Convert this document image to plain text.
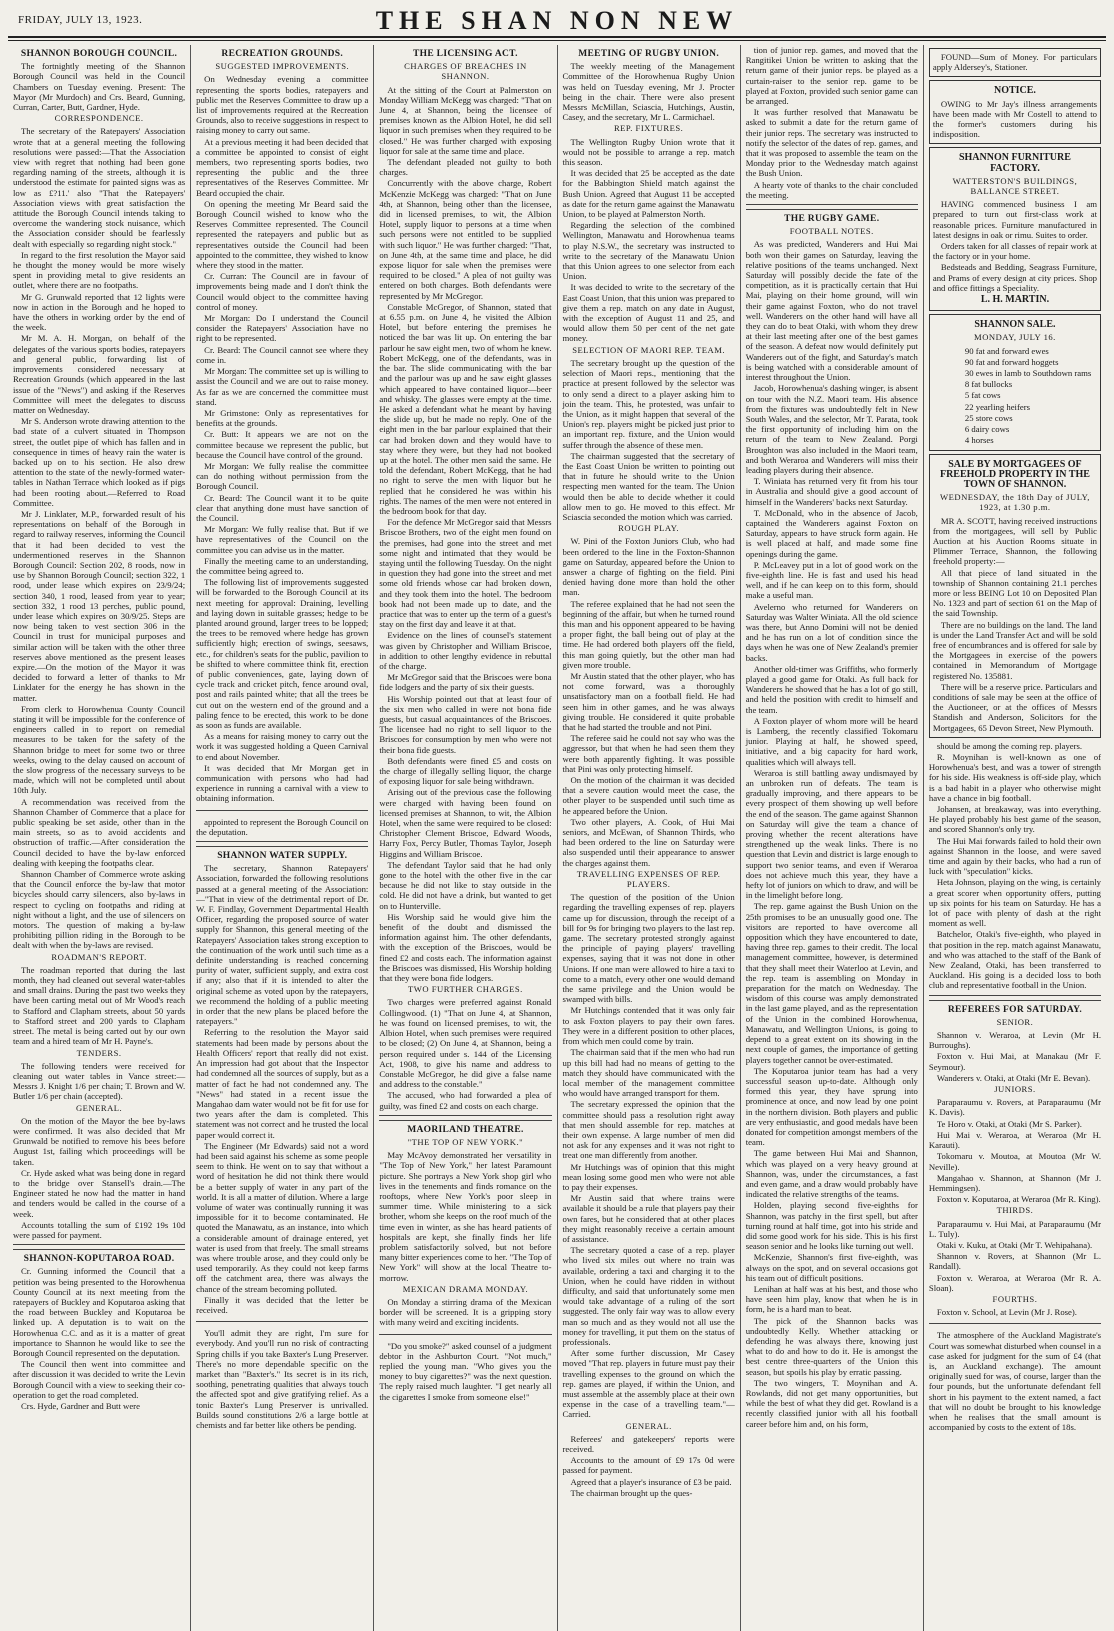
FRIDAY, JULY 13, 1923.	THE SHAN NON NEW
SHANNON BOROUGH COUNCIL.

The fortnightly meeting of the Shannon Borough Council was held in the Council Chambers on Tuesday evening. Present: The Mayor (Mr Murdoch) and Crs. Beard, Gunning, Curran, Carter, Butt, Gardner, Hyde.

CORRESPONDENCE.

The secretary of the Ratepayers' Association wrote that at a general meeting the following resolutions were passed:—That the Association view with regret that nothing had been gone regarding naming of the streets, although it is understood the estimate for painted signs was as low as £?11.' also "That the Ratepayers' Association views with great satisfaction the attitude the Borough Council intends taking to overcome the wandering stock nuisance, which the Association consider should be fearlessly dealt with especially so regarding night stock."

In regard to the first resolution the Mayor said he thought the money would be more wisely spent in providing metal to give residents an outlet, where there are no footpaths.

Mr G. Grunwald reported that 12 lights were now in action in the Borough and he hoped to have the others in working order by the end of the week.

Mr M. A. H. Morgan, on behalf of the delegates of the various sports bodies, ratepayers and general public, forwarding list of improvements considered necessary at Recreation Grounds (which appeared in the last issue of the "News") and asking if the Reserves Committee will meet the delegates to discuss matter on Wednesday.

Mr S. Anderson wrote drawing attention to the bad state of a culvert situated in Thompson street, the outlet pipe of which has fallen and in consequence in times of heavy rain the water is backed up on to his section. He also drew attention to the state of the newly-formed water-tables in Nathan Terrace which looked as if pigs had been rooting about.—Referred to Road Committee.

Mr J. Linklater, M.P., forwarded result of his representations on behalf of the Borough in regard to railway reserves, informing the Council that it had been decided to vest the undermentioned reserves in the Shannon Borough Council: Section 202, 8 roods, now in use by Shannon Borough Council; section 322, 1 rood, under lease which expires on 23/9/24; section 340, 1 rood, leased from year to year; section 332, 1 rood 13 perches, public pound, under lease which expires on 30/9/25. Steps are now being taken to vest section 306 in the Council in trust for municipal purposes and similar action will be taken with the other three reserves above mentioned as the present leases expire.—On the motion of the Mayor it was decided to forward a letter of thanks to Mr Linklater for the energy he has shown in the matter.

From clerk to Horowhenua County Council stating it will be impossible for the conference of engineers called in to report on remedial measures to be taken for the safety of the Shannon bridge to meet for some two or three weeks, owing to the delay caused on account of the slow progress of the necessary surveys to be made, which will not be completed until about 10th July.

A recommendation was received from the Shannon Chamber of Commerce that a place for public speaking be set aside, other than in the main streets, so as to avoid accidents and obstruction of traffic.—After consideration the Council decided to have the by-law enforced dealing with keeping the footpaths clear.

Shannon Chamber of Commerce wrote asking that the Council enforce the by-law that motor bicycles should carry silencers, also by-laws in respect to cycling on footpaths and riding at night without a light, and the use of silencers on motors. The question of making a by-law prohibiting pillion riding in the Borough to be dealt with when the by-laws are revised.

ROADMAN'S REPORT.

The roadman reported that during the last month, they had cleaned out several water-tables and small drains. During the past two weeks they have been carting metal out of Mr Wood's reach to Stafford and Clapham streets, about 50 yards to Stafford street and 200 yards to Clapham street. The metal is being carted out by our own team and a hired team of Mr H. Payne's.

TENDERS.

The following tenders were received for cleaning out water tables in Vance street:—Messrs J. Knight 1/6 per chain; T. Brown and W. Butler 1/6 per chain (accepted).

GENERAL.

On the motion of the Mayor the bee by-laws were confirmed. It was also decided that Mr Grunwald be notified to remove his bees before August 1st, failing which proceedings will be taken.

Cr. Hyde asked what was being done in regard to the bridge over Stansell's drain.—The Engineer stated he now had the matter in hand and tenders would be called in the course of a week.

Accounts totalling the sum of £192 19s 10d were passed for payment.

SHANNON-KOPUTAROA ROAD.

Cr. Gunning informed the Council that a petition was being presented to the Horowhenua County Council at its next meeting from the ratepayers of Buckley and Koputaroa asking that the road between Buckley and Koputaroa be linked up. A deputation is to wait on the Horowhenua C.C. and as it is a matter of great importance to Shannon he would like to see the Borough Council represented on the deputation.

The Council then went into committee and after discussion it was decided to write the Levin Borough Council with a view to seeking their co-operation to get the road completed.

Crs. Hyde, Gardner and Butt were

RECREATION GROUNDS.
SUGGESTED IMPROVEMENTS.

On Wednesday evening a committee representing the sports bodies, ratepayers and public met the Reserves Committee to draw up a list of improvements required at the Recreation Grounds, also to receive suggestions in respect to raising money to carry out same.

At a previous meeting it had been decided that a committee be appointed to consist of eight members, two representing sports bodies, two representing the public and the three representatives of the Reserves Committee. Mr Beard occupied the chair.

On opening the meeting Mr Beard said the Borough Council wished to know who the Reserves Committee represented. The Council represented the ratepayers and public but as representatives outside the Council had been appointed to the committee, they wished to know where they stood in the matter.

Cr. Curran: The Council are in favour of improvements being made and I don't think the Council would object to the committee having control of money.

Mr Morgan: Do I understand the Council consider the Ratepayers' Association have no right to be represented.

Cr. Beard: The Council cannot see where they come in.

Mr Morgan: The committee set up is willing to assist the Council and we are out to raise money. As far as we are concerned the committee must stand.

Mr Grimstone: Only as representatives for benefits at the grounds.

Cr. Butt: It appears we are not on the committee because we represent the public, but because the Council have control of the ground.

Mr Morgan: We fully realise the committee can do nothing without permission from the Borough Council.

Cr. Beard: The Council want it to be quite clear that anything done must have sanction of the Council.

Mr Morgan: We fully realise that. But if we have representatives of the Council on the committee you can advise us in the matter.

Finally the meeting came to an understanding, the committee being agreed to.

The following list of improvements suggested will be forwarded to the Borough Council at its next meeting for approval: Draining, levelling and laying down in suitable grasses; hedge to be planted around ground, larger trees to be lopped; the trees to be removed where hedge has grown sufficiently high; erection of swings, seesaws, etc., for children's seats for the public, pavilion to be shifted to where committee think fit, erection of public conveniences, gate, laying down of cycle track and cricket pitch, fence around oval, post and rails painted white; that all the trees be cut out on the western end of the ground and a paling fence to be erected, this work to be done as soon as funds are available.

As a means for raising money to carry out the work it was suggested holding a Queen Carnival to end about November.

It was decided that Mr Morgan get in communication with persons who had had experience in running a carnival with a view to obtaining information.

appointed to represent the Borough Council on the deputation.

SHANNON WATER SUPPLY.

The secretary, Shannon Ratepayers' Association, forwarded the following resolutions passed at a general meeting of the Association:—"That in view of the detrimental report of Dr. W. F. Findlay, Government Departmental Health Officer, regarding the proposed source of water supply for Shannon, this general meeting of the Ratepayers' Association takes strong exception to the continuation of the work until such time as a definite understanding is reached concerning purity of water, sufficient supply, and extra cost if any; also that if it is intended to alter the original scheme as voted upon by the ratepayers, we recommend the holding of a public meeting in order that the new plans be placed before the ratepayers."

Referring to the resolution the Mayor said statements had been made by persons about the Health Officers' report that really did not exist. An impression had got about that the Inspector had condemned all the sources of supply, but as a matter of fact he had not condemned any. The "News" had stated in a recent issue the Mangahao dam water would not be fit for use for two years after the dam is completed. This statement was not correct and he trusted the local paper would correct it.

The Engineer (Mr Edwards) said not a word had been said against his scheme as some people seem to think. He went on to say that without a word of hesitation he did not think there would be a better supply of water in any part of the world. It is all a matter of dilution. Where a large volume of water was continually running it was impossible for it to become contaminated. He quoted the Manawatu, as an instance, into which a considerable amount of drainage entered, yet water is used from that freely. The small streams was where trouble arose, and they could only be used temporarily. As they could not keep farms off the catchment area, there was always the chance of the stream becoming polluted.

Finally it was decided that the letter be received.

You'll admit they are right, I'm sure for everybody. And you'll run no risk of contracting Spring chills if you take Baxter's Lung Preserver. There's no more dependable specific on the market than "Baxter's." Its secret is in its rich, soothing, penetrating qualities that always touch the affected spot and give gratifying relief. As a tonic Baxter's Lung Preserver is unrivalled. Builds sound constitutions 2/6 a large bottle at chemists and far better like others be pending.

THE LICENSING ACT.
CHARGES OF BREACHES IN SHANNON.

At the sitting of the Court at Palmerston on Monday William McKegg was charged: "That on June 4, at Shannon, being the licensee of premises known as the Albion Hotel, he did sell liquor in such premises when they required to be closed." He was further charged with exposing liquor for sale at the same time and place.

The defendant pleaded not guilty to both charges.

Concurrently with the above charge, Robert McKenzie McKegg was charged: "That on June 4th, at Shannon, being other than the licensee, did in licensed premises, to wit, the Albion Hotel, supply liquor to persons at a time when such persons were not entitled to be supplied with such liquor." He was further charged: "That, on June 4th, at the same time and place, he did expose liquor for sale when the premises were required to be closed." A plea of not guilty was entered on both charges. Both defendants were represented by Mr McGregor.

Constable McGregor, of Shannon, stated that at 6.55 p.m. on June 4, he visited the Albion Hotel, but before entering the premises he noticed the bar was lit up. On entering the bar parlour he saw eight men, two of whom he knew. Robert McKegg, one of the defendants, was in the bar. The slide communicating with the bar and the parlour was up and he saw eight glasses which appeared to have contained liquor—beer and whisky. The glasses were empty at the time. He asked a defendant what he meant by having the slide up, but he made no reply. One of the eight men in the bar parlour explained that their car had broken down and they would have to stay where they were, but they had not booked up at the hotel. The other men said the same. He told the defendant, Robert McKegg, that he had no right to serve the men with liquor but he replied that he considered he was within his rights. The names of the men were not entered in the bedroom book for that day.

For the defence Mr McGregor said that Messrs Briscoe Brothers, two of the eight men found on the premises, had gone into the street and met some night and intimated that they would be staying until the following Tuesday. On the night in question they had gone into the street and met some old friends whose car had broken down, and they took them into the hotel. The bedroom book had not been made up to date, and the practice that was to enter up the term of a guest's stay on the first day and leave it at that.

Evidence on the lines of counsel's statement was given by Christopher and William Briscoe, in addition to other lengthy evidence in rebuttal of the charge.

Mr McGregor said that the Briscoes were bona fide lodgers and the party of six their guests.

His Worship pointed out that at least four of the six men who called in were not bona fide guests, but casual acquaintances of the Briscoes. The licensee had no right to sell liquor to the Briscoes for consumption by men who were not their bona fide guests.

Both defendants were fined £5 and costs on the charge of illegally selling liquor, the charge of exposing liquor for sale being withdrawn.

Arising out of the previous case the following were charged with having been found on licensed premises at Shannon, to wit, the Albion Hotel, when the same were required to be closed: Christopher Clement Briscoe, Edward Woods, Harry Fox, Percy Butler, Thomas Taylor, Joseph Higgins and William Briscoe.

The defendant Taylor said that he had only gone to the hotel with the other five in the car because he did not like to stay outside in the cold. He did not have a drink, but wanted to get on to Hunterville.

His Worship said he would give him the benefit of the doubt and dismissed the information against him. The other defendants, with the exception of the Briscoes, would be fined £2 and costs each. The information against the Briscoes was dismissed, His Worship holding that they were bona fide lodgers.

TWO FURTHER CHARGES.

Two charges were preferred against Ronald Collingwood. (1) "That on June 4, at Shannon, he was found on licensed premises, to wit, the Albion Hotel, when such premises were required to be closed; (2) On June 4, at Shannon, being a person required under s. 144 of the Licensing Act, 1908, to give his name and address to Constable McGregor, he did give a false name and address to the constable."

The accused, who had forwarded a plea of guilty, was fined £2 and costs on each charge.

MAORILAND THEATRE.
"THE TOP OF NEW YORK."

May McAvoy demonstrated her versatility in "The Top of New York," her latest Paramount picture. She portrays a New York shop girl who lives in the tenements and finds romance on the rooftops, where New York's poor sleep in summer time. While ministering to a sick brother, whom she keeps on the roof much of the time even in winter, as she has heard patients of hospitals are kept, she finally finds her life problem satisfactorily solved, but not before many bitter experiences come to her. "The Top of New York" will show at the local Theatre to-morrow.

MEXICAN DRAMA MONDAY.

On Monday a stirring drama of the Mexican border will be screened. It is a gripping story with many weird and exciting incidents.

"Do you smoke?" asked counsel of a judgment debtor in the Ashburton Court. "Not much," replied the young man. "Who gives you the money to buy cigarettes?" was the next question. The reply raised much laughter. "I get nearly all the cigarettes I smoke from someone else!"

MEETING OF RUGBY UNION.

The weekly meeting of the Management Committee of the Horowhenua Rugby Union was held on Tuesday evening, Mr J. Procter being in the chair. There were also present Messrs McMillan, Sciascia, Hutchings, Austin, Casey, and the secretary, Mr L. Carmichael.

REP. FIXTURES.

The Wellington Rugby Union wrote that it would not be possible to arrange a rep. match this season.

It was decided that 25 be accepted as the date for the Babbington Shield match against the Bush Union. Agreed that August 11 be accepted as date for the return game against the Manawatu Union, to be played at Palmerston North.

Regarding the selection of the combined Wellington, Manawatu and Horowhenua teams to play N.S.W., the secretary was instructed to write to the secretary of the Manawatu Union that this Union agrees to one selector from each Union.

It was decided to write to the secretary of the East Coast Union, that this union was prepared to give them a rep. match on any date in August, with the exception of August 11 and 25, and would allow them 50 per cent of the net gate money.

SELECTION OF MAORI REP. TEAM.

The secretary brought up the question of the selection of Maori reps., mentioning that the practice at present followed by the selector was to only send a direct to a player asking him to join the team. This, he protested, was unfair to the Union, as it might happen that several of the Union's rep. players might be picked just prior to an important rep. fixture, and the Union would suffer through the absence of these men.

The chairman suggested that the secretary of the East Coast Union be written to pointing out that in future he should write to the Union respecting men wanted for the team. The Union would then be able to decide whether it could allow men to go. He moved to this effect. Mr Sciascia seconded the motion which was carried.

ROUGH PLAY.

W. Pini of the Foxton Juniors Club, who had been ordered to the line in the Foxton-Shannon game on Saturday, appeared before the Union to answer a charge of fighting on the field. Pini denied having done more than hold the other man.

The referee explained that he had not seen the beginning of the affair, but when he turned round this man and his opponent appeared to be having a proper fight, the ball being out of play at the time. He had ordered both players off the field, this man going quietly, but the other man had given more trouble.

Mr Austin stated that the other player, who has not come forward, was a thoroughly unsatisfactory man on a football field. He had seen him in other games, and he was always giving trouble. He considered it quite probable that he had started the trouble and not Pini.

The referee said he could not say who was the aggressor, but that when he had seen them they were both apparently fighting. It was possible that Pini was only protecting himself.

On the motion of the chairman it was decided that a severe caution would meet the case, the other player to be suspended until such time as he appeared before the Union.

Two other players, A. Cook, of Hui Mai seniors, and McEwan, of Shannon Thirds, who had been ordered to the line on Saturday were also suspended until their appearance to answer the charges against them.

TRAVELLING EXPENSES OF REP. PLAYERS.

The question of the position of the Union regarding the travelling expenses of rep. players came up for discussion, through the receipt of a bill for 9s for bringing two players to the last rep. game. The secretary protested strongly against the principle of paying players' travelling expenses, saying that it was not done in other Unions. If one man were allowed to hire a taxi to come to a match, every other one would demand the same privilege and the Union would be swamped with bills.

Mr Hutchings contended that it was only fair to ask Foxton players to pay their own fares. They were in a different position to other places, from which men could come by train.

The chairman said that if the men who had run up this bill had had no means of getting to the match they should have communicated with the local member of the management committee who would have arranged transport for them.

The secretary expressed the opinion that the committee should pass a resolution right away that men should assemble for rep. matches at their own expense. A large number of men did not ask for any expenses and it was not right to treat one man differently from another.

Mr Hutchings was of opinion that this might mean losing some good men who were not able to pay their expenses.

Mr Austin said that where trains were available it should be a rule that players pay their own fares, but he considered that at other places they might reasonably receive a certain amount of assistance.

The secretary quoted a case of a rep. player who lived six miles out where no train was available, ordering a taxi and charging it to the Union, when he could have ridden in without difficulty, and said that unfortunately some men would take advantage of a ruling of the sort suggested. The only fair way was to allow every man so much and as they would not all use the money for travelling, it put them on the status of professionals.

After some further discussion, Mr Casey moved "That rep. players in future must pay their travelling expenses to the ground on which the rep. games are played, if within the Union, and must assemble at the assembly place at their own expense in the case of a travelling team."—Carried.

GENERAL.

Referees' and gatekeepers' reports were received.

Accounts to the amount of £9 17s 0d were passed for payment.

Agreed that a player's insurance of £3 be paid.

The chairman brought up the ques-

tion of junior rep. games, and moved that the Rangitikei Union be written to asking that the return game of their junior reps. be played as a curtain-raiser to the senior rep. game to be played at Foxton, provided such senior game can be arranged.

It was further resolved that Manawatu be asked to submit a date for the return game of their junior reps. The secretary was instructed to notify the selector of the dates of rep. games, and that it was proposed to assemble the team on the Monday prior to the Wednesday match against the Bush Union.

A hearty vote of thanks to the chair concluded the meeting.

THE RUGBY GAME.
FOOTBALL NOTES.

As was predicted, Wanderers and Hui Mai both won their games on Saturday, leaving the relative positions of the teams unchanged. Next Saturday will possibly decide the fate of the competition, as it is practically certain that Hui Mai, playing on their home ground, will win their game against Foxton, who do not travel well. Wanderers on the other hand will have all they can do to beat Otaki, with whom they drew at their last meeting after one of the best games of the season. A defeat now would definitely put Wanderers out of the fight, and Saturday's match is being watched with a considerable amount of interest throughout the Union.

Jacob, Horowhenua's dashing winger, is absent on tour with the N.Z. Maori team. His absence from the fixtures was undoubtedly felt in New South Wales, and the selector, Mr T. Parata, took the first opportunity of including him on the return of the team to New Zealand. Porgi Broughton was also included in the Maori team, and both Weraroa and Wanderers will miss their leading players during their absence.

T. Winiata has returned very fit from his tour in Australia and should give a good account of himself in the Wanderers' backs next Saturday.

T. McDonald, who in the absence of Jacob, captained the Wanderers against Foxton on Saturday, appears to have struck form again. He is well placed at half, and made some fine openings during the game.

P. McLeavey put in a lot of good work on the five-eighth line. He is fast and used his head well, and if he can keep on to this form, should make a useful man.

Avelerno who returned for Wanderers on Saturday was Walter Winiata. All the old science was there, but Anno Domini will not be denied and he has run on a lot of condition since the days when he was one of New Zealand's premier backs.

Another old-timer was Griffiths, who formerly played a good game for Otaki. As full back for Wanderers he showed that he has a lot of go still, and held the position with credit to himself and the team.

A Foxton player of whom more will be heard is Lamberg, the recently classified Tokomaru junior. Playing at half, he showed speed, initiative, and a big capacity for hard work, qualities which will always tell.

Weraroa is still battling away undismayed by an unbroken run of defeats. The team is gradually improving, and there appears to be every prospect of them showing up well before the end of the season. The game against Shannon on Saturday will give the team a chance of proving whether the recent alterations have strengthened up the weak links. There is no question that Levin and district is large enough to support two senior teams, and even if Weraroa does not achieve much this year, they have a hefty lot of juniors on which to draw, and will be in the limelight before long.

The rep. game against the Bush Union on the 25th promises to be an unusually good one. The visitors are reported to have overcome all opposition which they have encountered to date, having three rep. games to their credit. The local management committee, however, is determined that they shall meet their Waterloo at Levin, and the rep. team is assembling on Monday in preparation for the match on Wednesday. The wisdom of this course was amply demonstrated in the last game played, and as the representation of the Union in the combined Horowhenua, Manawatu, and Wellington Unions, is going to depend to a great extent on its showing in the next couple of games, the importance of getting players together cannot be over-estimated.

The Koputaroa junior team has had a very successful season up-to-date. Although only formed this year, they have sprung into prominence at once, and now lead by one point in the northern division. Both players and public are very enthusiastic, and good medals have been donated for competition amongst members of the team.

The game between Hui Mai and Shannon, which was played on a very heavy ground at Shannon, was, under the circumstances, a fast and even game, and a draw would probably have indicated the relative strengths of the teams.

Holden, playing second five-eighths for Shannon, was patchy in the first spell, but after turning round at half time, got into his stride and did some good work for his side. This is his first season senior and he looks like turning out well.

McKenzie, Shannon's first five-eighth, was always on the spot, and on several occasions got his team out of difficult positions.

Lenihan at half was at his best, and those who have seen him play, know that when he is in form, he is a hard man to beat.

The pick of the Shannon backs was undoubtedly Kelly. Whether attacking or defending he was always there, knowing just what to do and how to do it. He is amongst the best centre three-quarters of the Union this season, but spoils his play by erratic passing.

The two wingers, T. Moynihan and A. Rowlands, did not get many opportunities, but while the best of what they did get. Rowland is a recently classified junior with all his football career before him and, on his form,

FOUND—Sum of Money. For particulars apply Aldersey's, Stationer.

NOTICE.

OWING to Mr Jay's illness arrangements have been made with Mr Costell to attend to the former's customers during his indisposition.

SHANNON FURNITURE FACTORY.
WATTERSTON'S BUILDINGS, BALLANCE STREET.

HAVING commenced business I am prepared to turn out first-class work at reasonable prices. Furniture manufactured in latest designs in oak or rimu. Suites to order.

Orders taken for all classes of repair work at the factory or in your home.

Bedsteads and Bedding, Seagrass Furniture, and Prams of every design at city prices. Shop and office fittings a Speciality.

L. H. MARTIN.
SHANNON SALE.
MONDAY, JULY 16.

90 fat and forward ewes

90 fat and forward hoggets

30 ewes in lamb to Southdown rams

8 fat bullocks

5 fat cows

22 yearling heifers

25 store cows

6 dairy cows

4 horses

SALE BY MORTGAGEES OF FREEHOLD PROPERTY IN THE TOWN OF SHANNON.
WEDNESDAY, the 18th Day of JULY, 1923, at 1.30 p.m.

MR A. SCOTT, having received instructions from the mortgagees, will sell by Public Auction at his Auction Rooms situate in Plimmer Terrace, Shannon, the following freehold property:—

All that piece of land situated in the township of Shannon containing 21.1 perches more or less BEING Lot 10 on Deposited Plan No. 1323 and part of section 61 on the Map of the said Township.

There are no buildings on the land. The land is under the Land Transfer Act and will be sold free of encumbrances and is offered for sale by the Mortgagees in exercise of the powers contained in Memorandum of Mortgage registered No. 135881.

There will be a reserve price. Particulars and conditions of sale may be seen at the office of the Auctioneer, or at the offices of Messrs Standish and Anderson, Solicitors for the Mortgagees, 65 Devon Street, New Plymouth.

should be among the coming rep. players.

R. Moynihan is well-known as one of Horowhenua's best, and was a tower of strength for his side. His weakness is off-side play, which is a bad habit in a player who otherwise might have a chance in big football.

Johansen, at breakaway, was into everything. He played probably his best game of the season, and scored Shannon's only try.

The Hui Mai forwards failed to hold their own against Shannon in the loose, and were saved time and again by their backs, who had a run of luck with "speculation" kicks.

Heta Johnson, playing on the wing, is certainly a great scorer when opportunity offers, putting up six points for his team on Saturday. He has a lot of pace with plenty of dash at the right moment as well.

Batchelor, Otaki's five-eighth, who played in that position in the rep. match against Manawatu, and who was attached to the staff of the Bank of New Zealand, Otaki, has been transferred to Auckland. His going is a decided loss to both club and representative football in the Union.

REFEREES FOR SATURDAY.
SENIOR.

Shannon v. Weraroa, at Levin (Mr H. Burroughs).

Foxton v. Hui Mai, at Manakau (Mr F. Seymour).

Wanderers v. Otaki, at Otaki (Mr E. Bevan).

JUNIORS.

Paraparaumu v. Rovers, at Paraparaumu (Mr K. Davis).

Te Horo v. Otaki, at Otaki (Mr S. Parker).

Hui Mai v. Weraroa, at Weraroa (Mr H. Karauti).

Tokomaru v. Moutoa, at Moutoa (Mr W. Neville).

Mangahao v. Shannon, at Shannon (Mr J. Hemmingsen).

Foxton v. Koputaroa, at Weraroa (Mr R. King).

THIRDS.

Paraparaumu v. Hui Mai, at Paraparaumu (Mr L. Tuly).

Otaki v. Kuku, at Otaki (Mr T. Wehipahana).

Shannon v. Rovers, at Shannon (Mr L. Randall).

Foxton v. Weraroa, at Weraroa (Mr R. A. Sloan).

FOURTHS.

Foxton v. School, at Levin (Mr J. Rose).

The atmosphere of the Auckland Magistrate's Court was somewhat disturbed when counsel in a case asked for judgment for the sum of £4 (that is, an Auckland exchange). The amount originally sued for was, of course, larger than the four pounds, but the unfortunate defendant fell short in his payment to the extent named, a fact that will no doubt be brought to his knowledge when he realises that the small amount is accompanied by costs to the extent of 18s.
